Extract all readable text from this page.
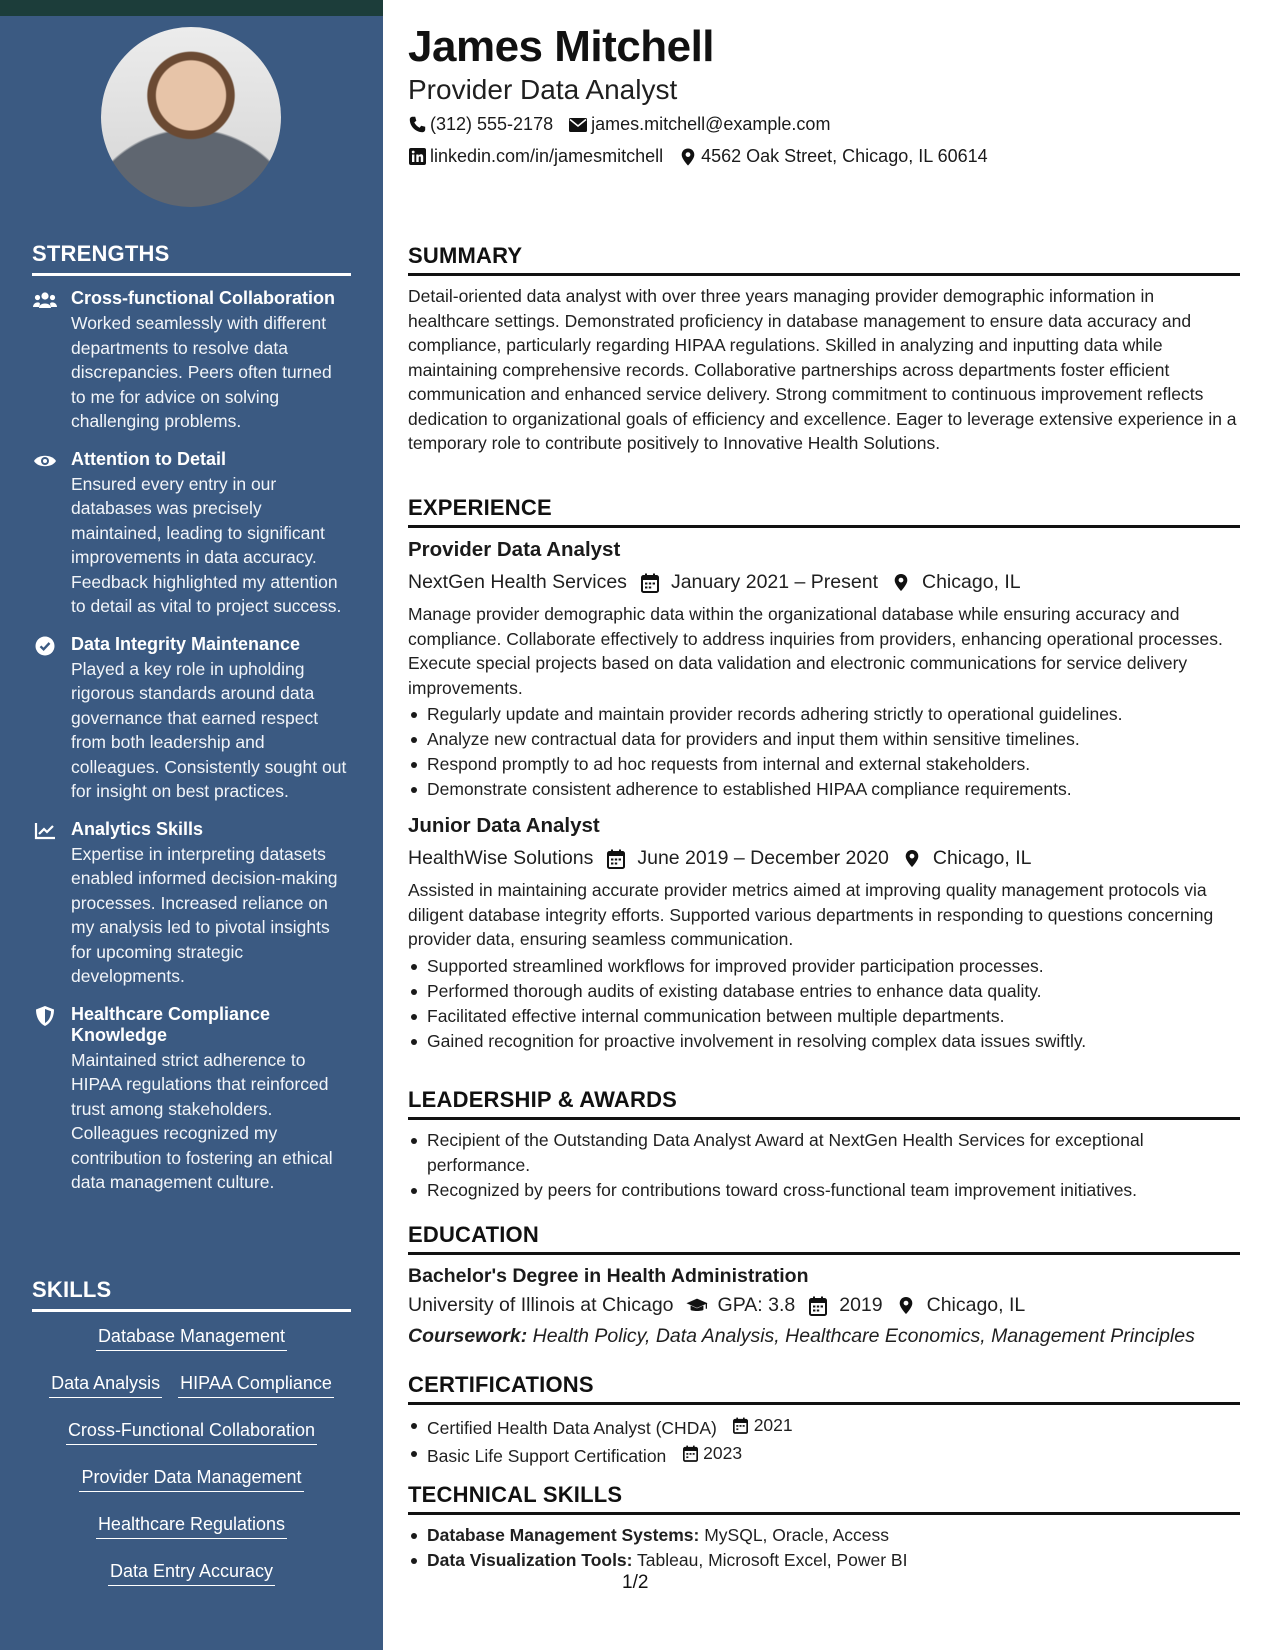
STRENGTHS
Cross-functional Collaboration
Worked seamlessly with different departments to resolve data discrepancies. Peers often turned to me for advice on solving challenging problems.
Attention to Detail
Ensured every entry in our databases was precisely maintained, leading to significant improvements in data accuracy. Feedback highlighted my attention to detail as vital to project success.
Data Integrity Maintenance
Played a key role in upholding rigorous standards around data governance that earned respect from both leadership and colleagues. Consistently sought out for insight on best practices.
Analytics Skills
Expertise in interpreting datasets enabled informed decision-making processes. Increased reliance on my analysis led to pivotal insights for upcoming strategic developments.
Healthcare Compliance Knowledge
Maintained strict adherence to HIPAA regulations that reinforced trust among stakeholders. Colleagues recognized my contribution to fostering an ethical data management culture.
SKILLS
Database Management
Data Analysis HIPAA Compliance
Cross-Functional Collaboration
Provider Data Management
Healthcare Regulations
Data Entry Accuracy
James Mitchell
Provider Data Analyst
(312) 555-2178 james.mitchell@example.com
linkedin.com/in/jamesmitchell 4562 Oak Street, Chicago, IL 60614
SUMMARY
Detail-oriented data analyst with over three years managing provider demographic information in healthcare settings. Demonstrated proficiency in database management to ensure data accuracy and compliance, particularly regarding HIPAA regulations. Skilled in analyzing and inputting data while maintaining comprehensive records. Collaborative partnerships across departments foster efficient communication and enhanced service delivery. Strong commitment to continuous improvement reflects dedication to organizational goals of efficiency and excellence. Eager to leverage extensive experience in a temporary role to contribute positively to Innovative Health Solutions.
EXPERIENCE
Provider Data Analyst
NextGen Health Services January 2021 – Present Chicago, IL
Manage provider demographic data within the organizational database while ensuring accuracy and compliance. Collaborate effectively to address inquiries from providers, enhancing operational processes. Execute special projects based on data validation and electronic communications for service delivery improvements.
Regularly update and maintain provider records adhering strictly to operational guidelines.
Analyze new contractual data for providers and input them within sensitive timelines.
Respond promptly to ad hoc requests from internal and external stakeholders.
Demonstrate consistent adherence to established HIPAA compliance requirements.
Junior Data Analyst
HealthWise Solutions June 2019 – December 2020 Chicago, IL
Assisted in maintaining accurate provider metrics aimed at improving quality management protocols via diligent database integrity efforts. Supported various departments in responding to questions concerning provider data, ensuring seamless communication.
Supported streamlined workflows for improved provider participation processes.
Performed thorough audits of existing database entries to enhance data quality.
Facilitated effective internal communication between multiple departments.
Gained recognition for proactive involvement in resolving complex data issues swiftly.
LEADERSHIP & AWARDS
Recipient of the Outstanding Data Analyst Award at NextGen Health Services for exceptional performance.
Recognized by peers for contributions toward cross-functional team improvement initiatives.
EDUCATION
Bachelor's Degree in Health Administration
University of Illinois at Chicago GPA: 3.8 2019 Chicago, IL
Coursework: Health Policy, Data Analysis, Healthcare Economics, Management Principles
CERTIFICATIONS
Certified Health Data Analyst (CHDA) 2021
Basic Life Support Certification 2023
TECHNICAL SKILLS
Database Management Systems: MySQL, Oracle, Access
Data Visualization Tools: Tableau, Microsoft Excel, Power BI
1/2
